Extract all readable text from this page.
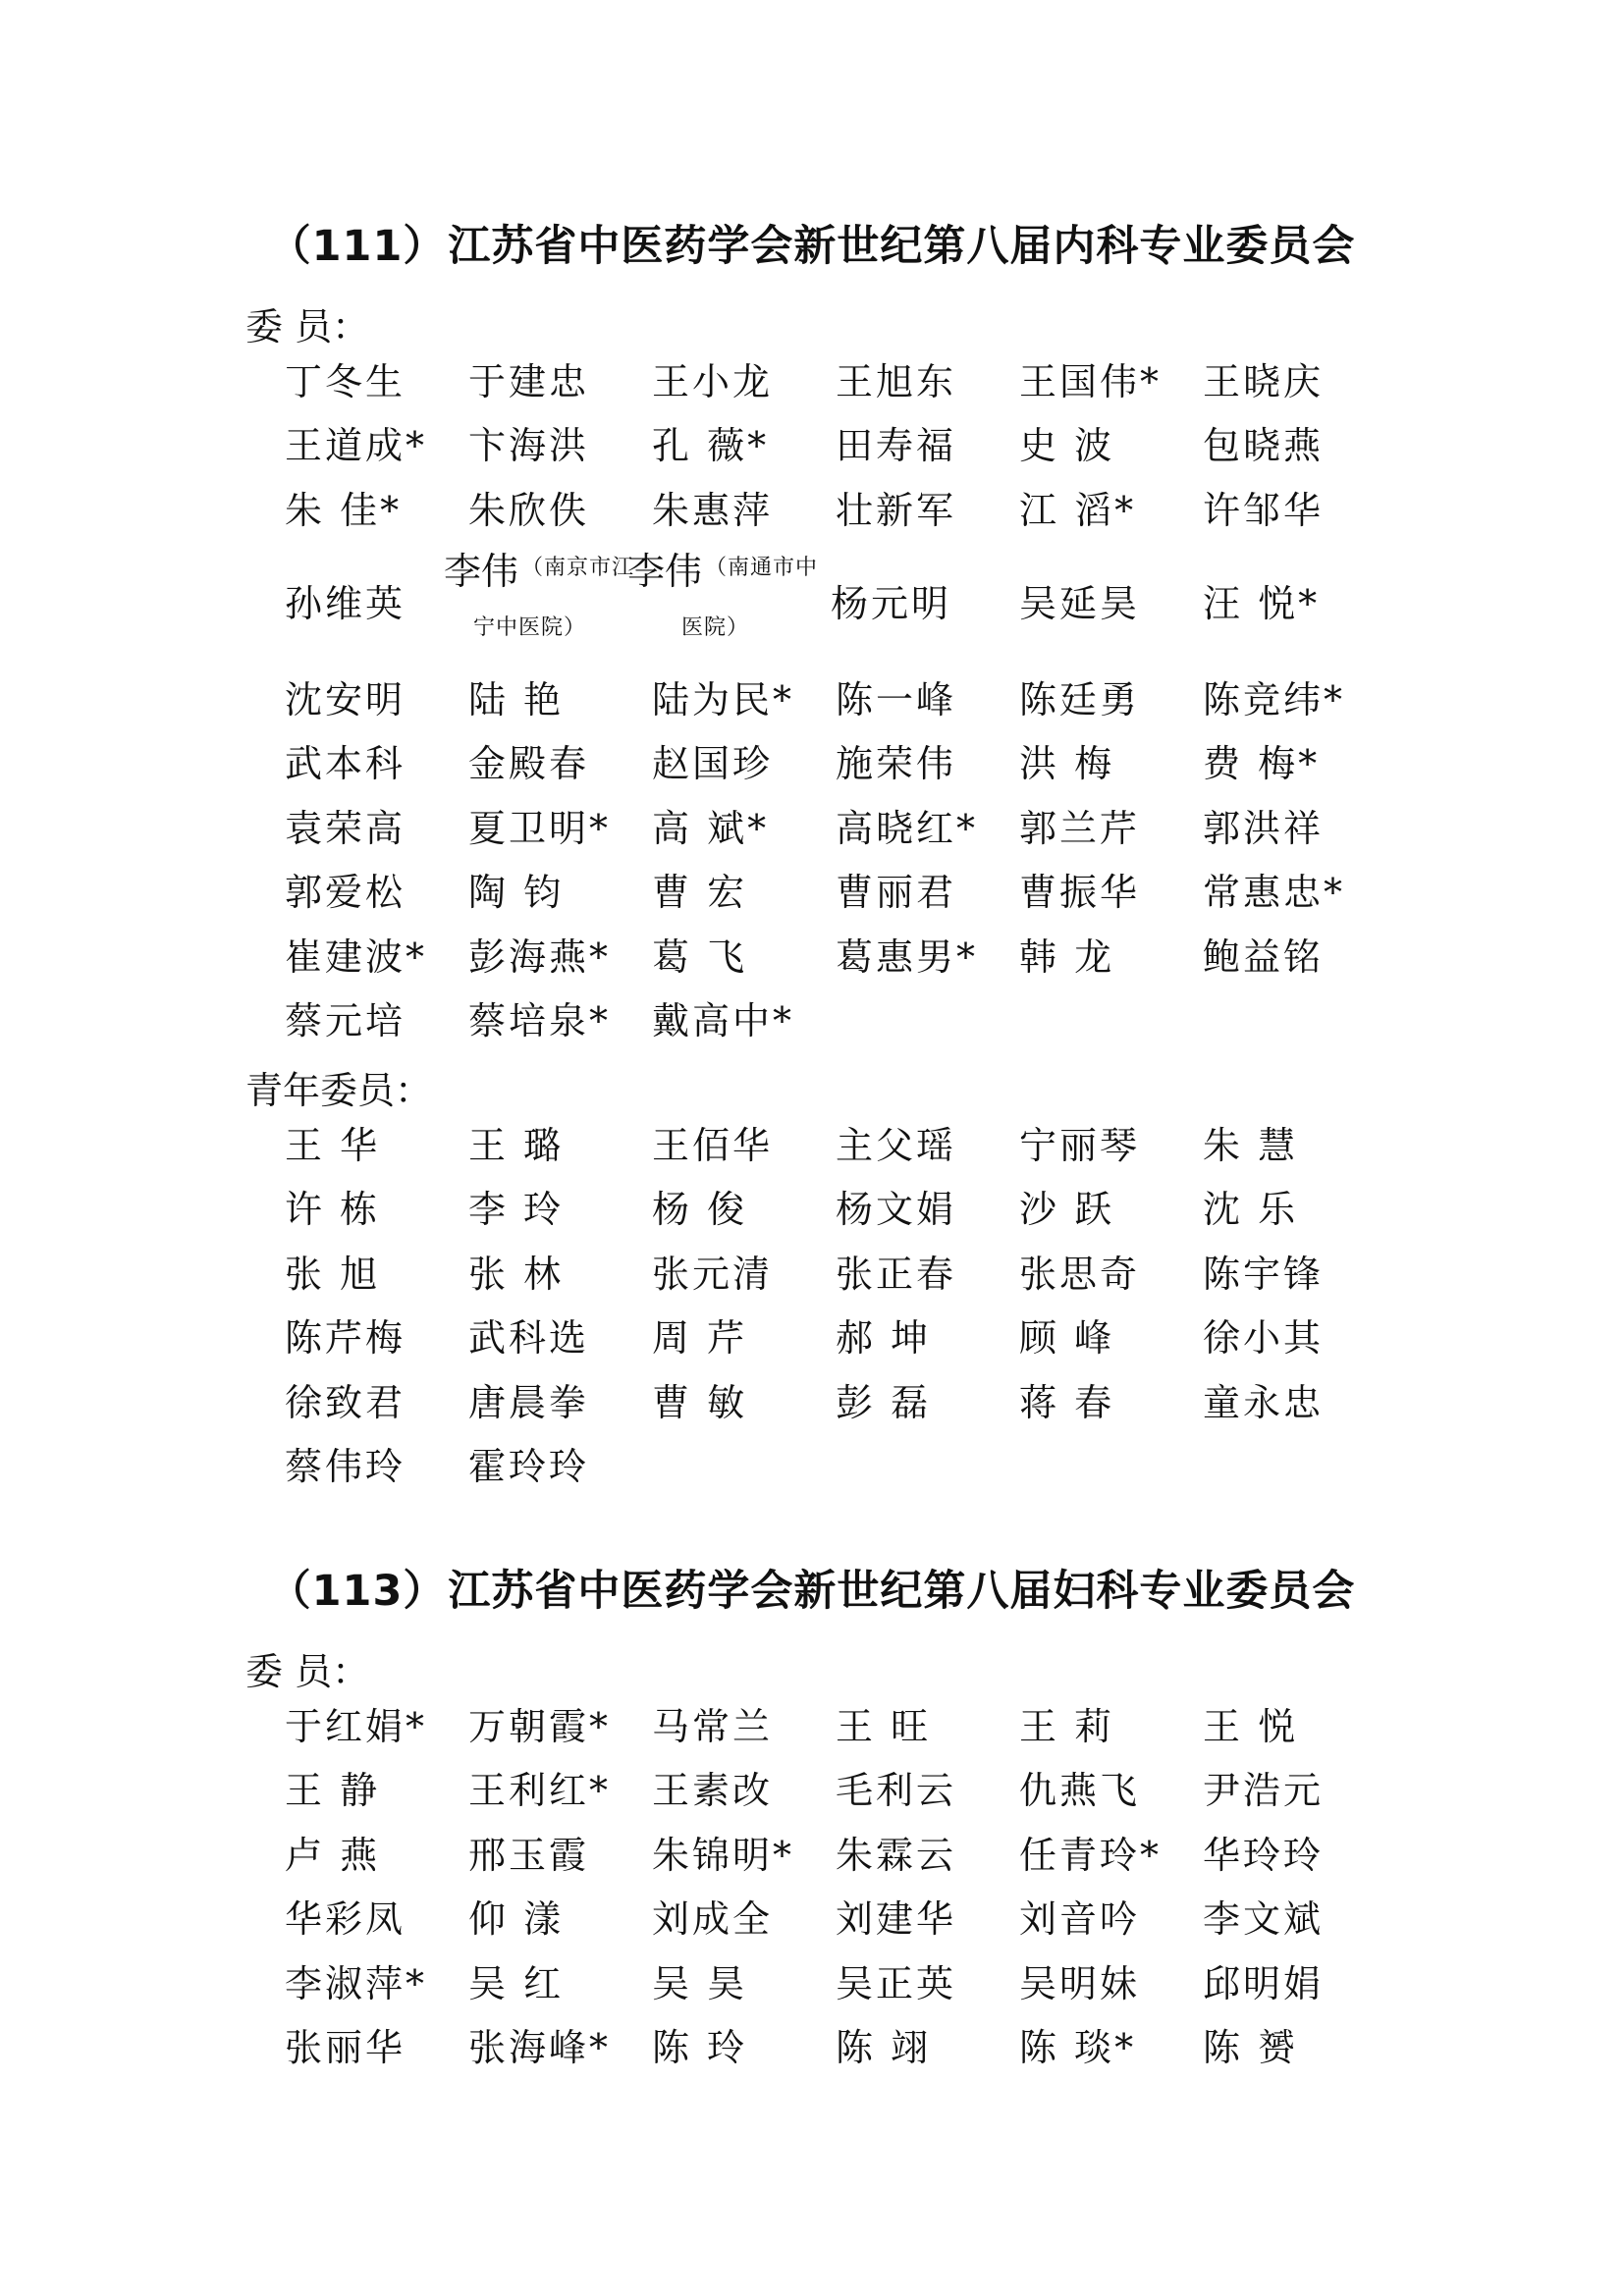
（111）江苏省中医药学会新世纪第八届内科专业委员会
委 员：
丁冬生 于建忠 王小龙 王旭东 王国伟* 王晓庆
王道成* 卞海洪 孔 薇* 田寿福 史 波 包晓燕
朱 佳* 朱欣佚 朱惠萍 壮新军 江 滔* 许邹华
孙维英
李伟 $^{(南京市江}$
宁中医院）
李伟 $^{(南通市中}$
医院）
杨元明 吴延昊 汪 悦*
沈安明 陆 艳 陆为民* 陈一峰 陈廷勇 陈竞纬*
武本科 金殿春 赵国珍 施荣伟 洪 梅 费 梅*
袁荣高 夏卫明* 高 斌* 高晓红* 郭兰芹 郭洪祥
郭爱松 陶 钧 曹 宏 曹丽君 曹振华 常惠忠*
崔建波* 彭海燕* 葛 飞 葛惠男* 韩 龙 鲍益铭
蔡元培 蔡培泉* 戴高中*
青年委员：
王 华 王 璐 王佰华 主父瑶 宁丽琴 朱 慧
许 栋 李 玲 杨 俊 杨文娟 沙 跃 沈 乐
张 旭 张 林 张元清 张正春 张思奇 陈宇锋
陈芹梅 武科选 周 芹 郝 坤 顾 峰 徐小其
徐致君 唐晨拳 曹 敏 彭 磊 蒋 春 童永忠
蔡伟玲 霍玲玲
（113）江苏省中医药学会新世纪第八届妇科专业委员会
委 员：
于红娟* 万朝霞* 马常兰 王 旺 王 莉 王 悦
王 静 王利红* 王素改 毛利云 仇燕飞 尹浩元
卢 燕 邢玉霞 朱锦明* 朱霖云 任青玲* 华玲玲
华彩凤 仰 漾 刘成全 刘建华 刘音吟 李文斌
李淑萍* 吴 红 吴 昊 吴正英 吴明妹 邱明娟
张丽华 张海峰* 陈 玲 陈 翊 陈 琰* 陈 赟
